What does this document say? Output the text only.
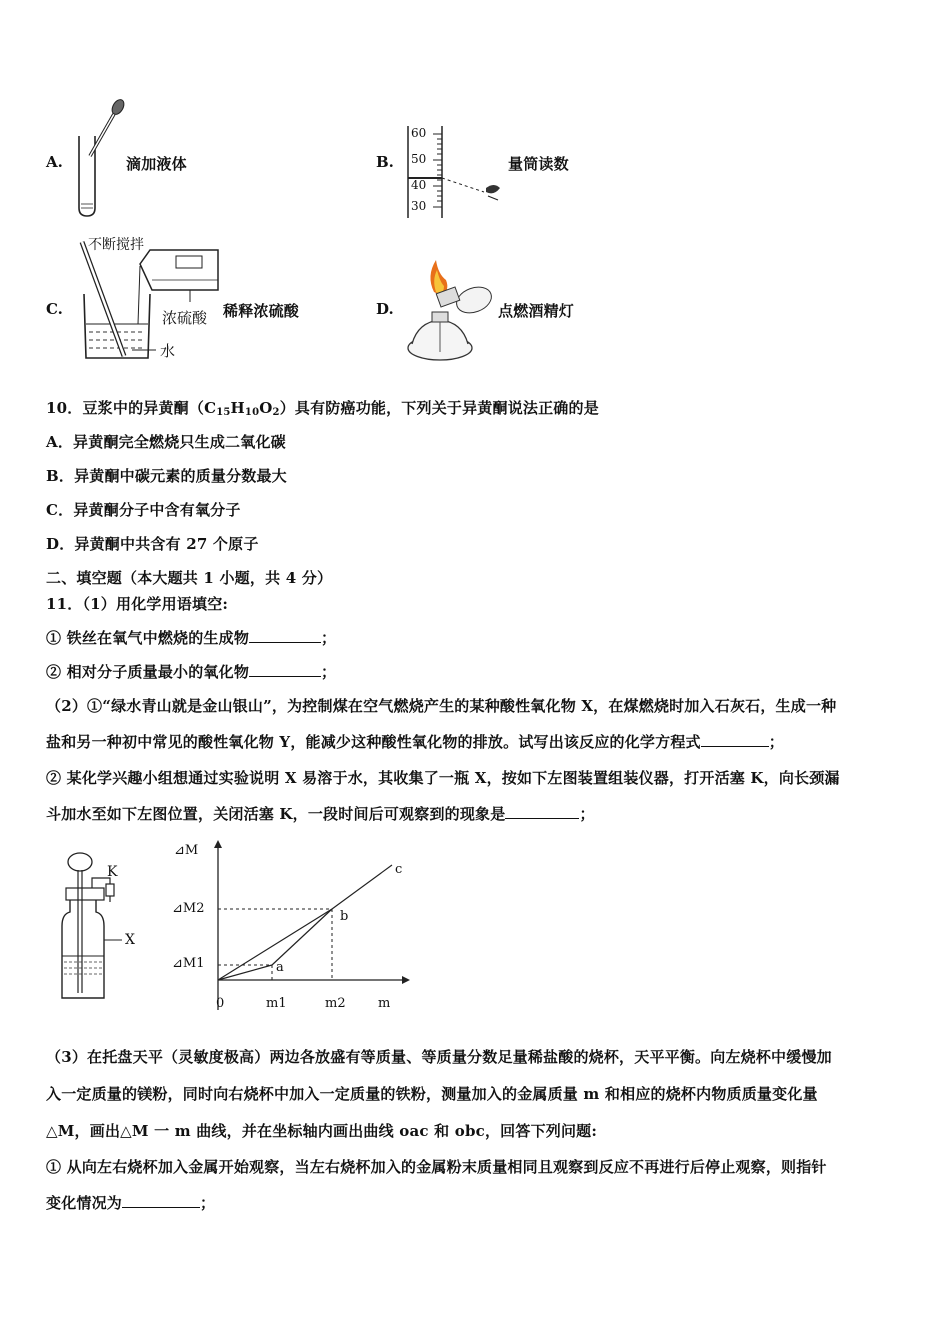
A.	滴加液体	B.
60
50
40
30
量筒读数
C.
不断搅拌
浓硫酸
水
稀释浓硫酸	D.	点燃酒精灯
10．豆浆中的异黄酮$(C_{15}H_{10}O_2)$具有防癌功能，下列关于异黄酮说法正确的是
A．异黄酮完全燃烧只生成二氧化碳
B．异黄酮中碳元素的质量分数最大
C．异黄酮分子中含有氧分子
D．异黄酮中共含有 27 个原子
二、填空题（本大题共 1 小题，共 4 分）
11．（1）用化学用语填空:
① 铁丝在氧气中燃烧的生成物	；
② 相对分子质量最小的氧化物	；
（2）①“绿水青山就是金山银山”，为控制煤在空气燃烧产生的某种酸性氧化物 X，在煤燃烧时加入石灰石，生成一种
盐和另一种初中常见的酸性氧化物 Y，能减少这种酸性氧化物的排放。试写出该反应的化学方程式	；
② 某化学兴趣小组想通过实验说明 X 易溶于水，其收集了一瓶 X，按如下左图装置组装仪器，打开活塞 K，向长颈漏
斗加水至如下左图位置，关闭活塞 K，一段时间后可观察到的现象是	；
K
X
⊿M
⊿M2
⊿M1
0	m1	m2 m
a
b
c
（3）在托盘天平（灵敏度极高）两边各放盛有等质量、等质量分数足量稀盐酸的烧杯，天平平衡。向左烧杯中缓慢加
入一定质量的镁粉，同时向右烧杯中加入一定质量的铁粉，测量加入的金属质量 m 和相应的烧杯内物质质量变化量
△M，画出△M 一 m 曲线，并在坐标轴内画出曲线 oac 和 obc，回答下列问题:
① 从向左右烧杯加入金属开始观察，当左右烧杯加入的金属粉末质量相同且观察到反应不再进行后停止观察，则指针
变化情况为	；
